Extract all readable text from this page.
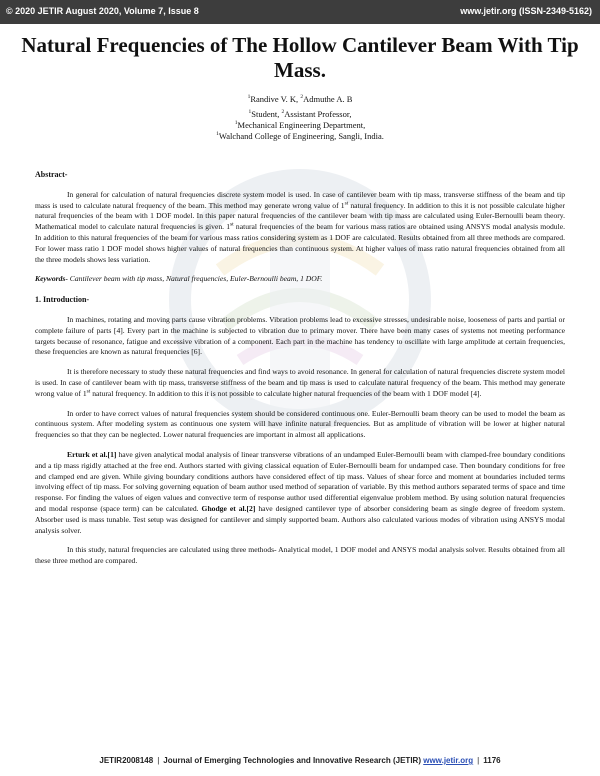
© 2020 JETIR August 2020, Volume 7, Issue 8	www.jetir.org (ISSN-2349-5162)
Natural Frequencies of The Hollow Cantilever Beam With Tip Mass.
$^1$Randive V. K, $^2$Admuthe A. B
$^1$Student, $^2$Assistant Professor,
$^1$Mechanical Engineering Department,
$^1$Walchand College of Engineering, Sangli, India.
Abstract-

In general for calculation of natural frequencies discrete system model is used. In case of cantilever beam with tip mass, transverse stiffness of the beam and tip mass is used to calculate natural frequency of the beam. This method may generate wrong value of 1st natural frequency. In addition to this it is not possible calculate higher natural frequencies of the beam with 1 DOF model. In this paper natural frequencies of the cantilever beam with tip mass are calculated using Euler-Bernoulli beam theory. Mathematical model to calculate natural frequencies is given. 1st natural frequencies of the beam for various mass ratios are obtained using ANSYS modal analysis module. In addition to this natural frequencies of the beam for various mass ratios considering system as 1 DOF are calculated. Results obtained from all three methods are compared. For lower mass ratio 1 DOF model shows higher values of natural frequencies than continuous system. At higher values of mass ratio natural frequencies obtained from all the three models shows less variation.

Keywords- Cantilever beam with tip mass, Natural frequencies, Euler-Bernoulli beam, 1 DOF.

1. Introduction-

In machines, rotating and moving parts cause vibration problems. Vibration problems lead to excessive stresses, undesirable noise, looseness of parts and partial or complete failure of parts [4]. Every part in the machine is subjected to vibration due to primary mover. There have been many cases of systems not meeting performance targets because of resonance, fatigue and excessive vibration of a component. Each part in the machine has tendency to oscillate with large amplitude at certain frequencies, these frequencies are known as natural frequencies [6].

It is therefore necessary to study these natural frequencies and find ways to avoid resonance. In general for calculation of natural frequencies discrete system model is used. In case of cantilever beam with tip mass, transverse stiffness of the beam and tip mass is used to calculate natural frequency of the beam. This method may generate wrong value of 1st natural frequency. In addition to this it is not possible to calculate higher natural frequencies of the beam with 1 DOF model [4].

In order to have correct values of natural frequencies system should be considered continuous one. Euler-Bernoulli beam theory can be used to model the beam as continuous system. After modeling system as continuous one system will have infinite natural frequencies. But as amplitude of vibration will be lower at higher natural frequencies so that they can be neglected. Lower natural frequencies are important in almost all applications.

Erturk et al.[1] have given analytical modal analysis of linear transverse vibrations of an undamped Euler-Bernoulli beam with clamped-free boundary conditions and a tip mass rigidly attached at the free end. Authors started with giving classical equation of Euler-Bernoulli beam for undamped case. Then boundary conditions for free and clamped end are given. While giving boundary conditions authors have considered effect of tip mass. Values of shear force and moment at boundaries included terms involving effect of tip mass. For solving governing equation of beam author used method of separation of variable. By this method authors separated terms of space and time response. For finding the values of eigen values and convective term of response author used differential eigenvalue problem method. By using solution natural frequencies and modal response (space term) can be calculated. Ghodge et al.[2] have designed cantilever type of absorber considering beam as single degree of freedom system. Absorber used is mass tunable. Test setup was designed for cantilever and simply supported beam. Authors also calculated various modes of vibration using ANSYS modal analysis solver.

In this study, natural frequencies are calculated using three methods- Analytical model, 1 DOF model and ANSYS modal analysis solver. Results obtained from all these three method are compared.

JETIR2008148 | Journal of Emerging Technologies and Innovative Research (JETIR) www.jetir.org | 1176
